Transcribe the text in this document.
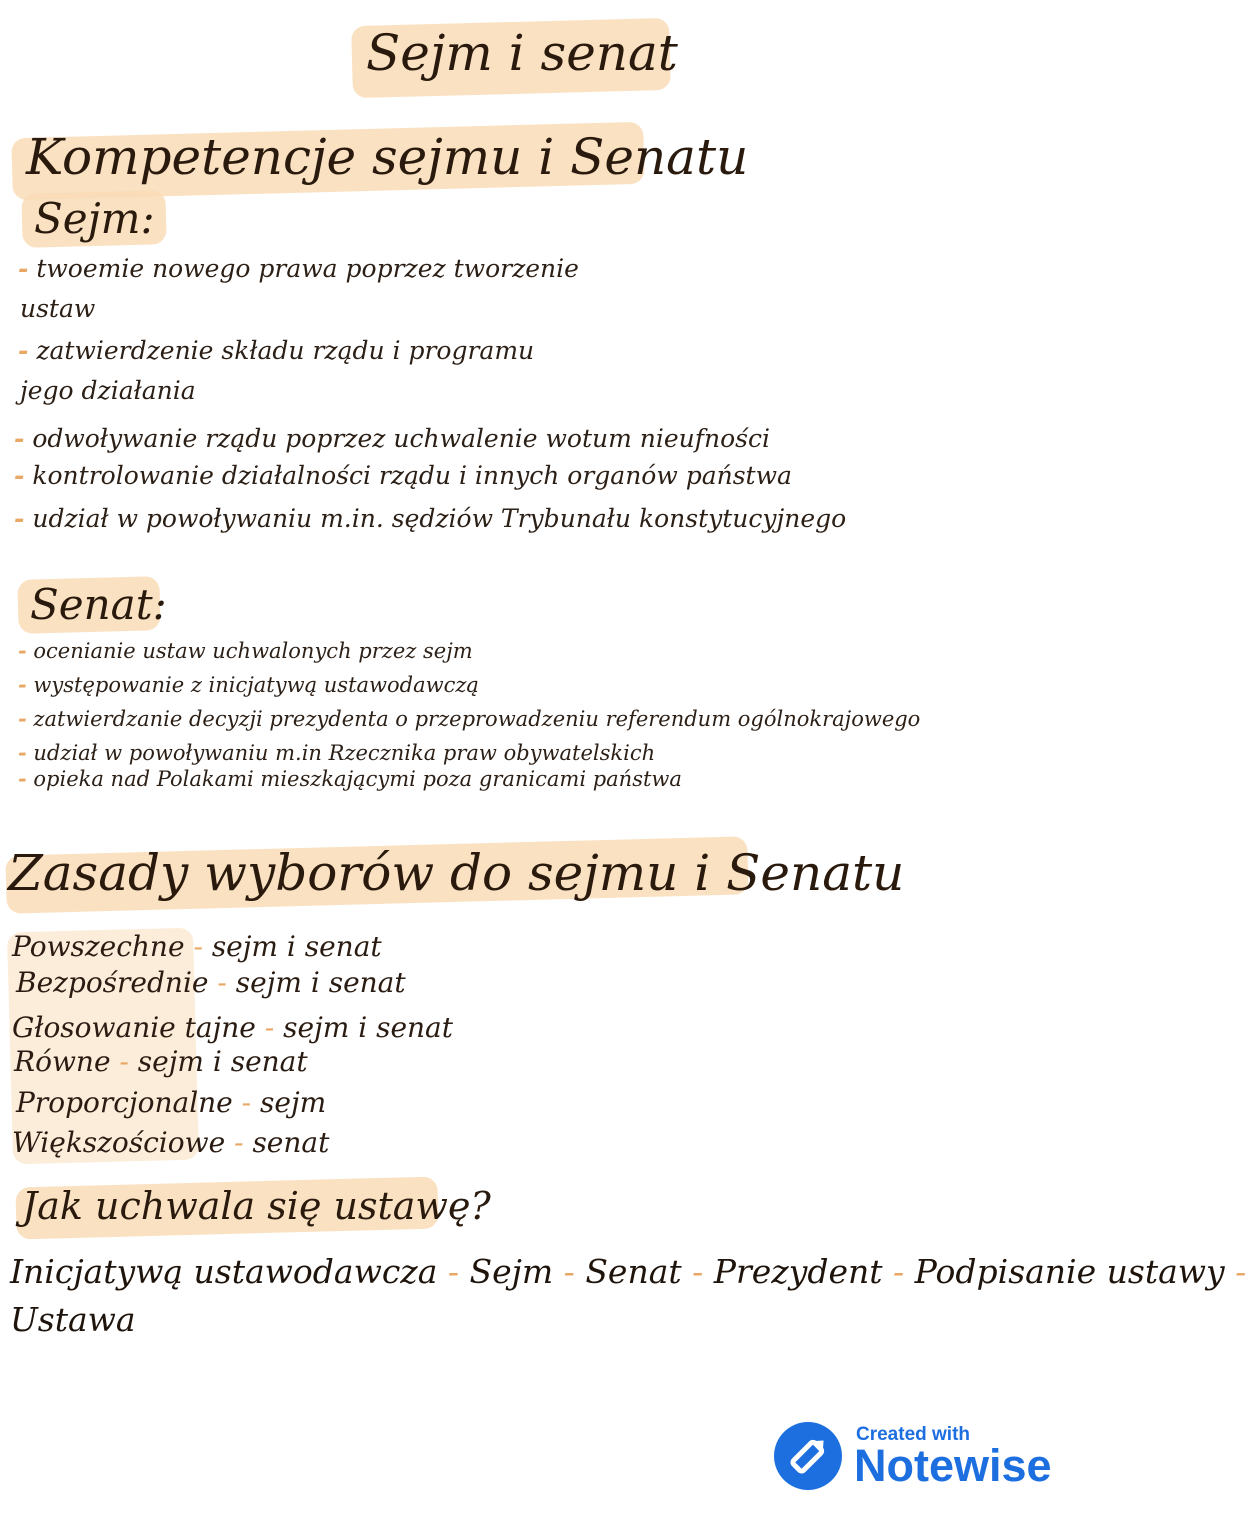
Sejm i senat
Kompetencje sejmu i Senatu
Sejm:
- twoemie nowego prawa poprzez tworzenie
ustaw
- zatwierdzenie składu rządu i programu
jego działania
- odwoływanie rządu poprzez uchwalenie wotum nieufności
- kontrolowanie działalności rządu i innych organów państwa
- udział w powoływaniu m.in. sędziów Trybunału konstytucyjnego
Senat:
- ocenianie ustaw uchwalonych przez sejm
- występowanie z inicjatywą ustawodawczą
- zatwierdzanie decyzji prezydenta o przeprowadzeniu referendum ogólnokrajowego
- udział w powoływaniu m.in Rzecznika praw obywatelskich
- opieka nad Polakami mieszkającymi poza granicami państwa
Zasady wyborów do sejmu i Senatu
Powszechne - sejm i senat
Bezpośrednie - sejm i senat
Głosowanie tajne - sejm i senat
Równe - sejm i senat
Proporcjonalne - sejm
Większościowe - senat
Jak uchwala się ustawę?
Inicjatywą ustawodawcza - Sejm - Senat - Prezydent - Podpisanie ustawy -
Ustawa
Created with
Notewise
